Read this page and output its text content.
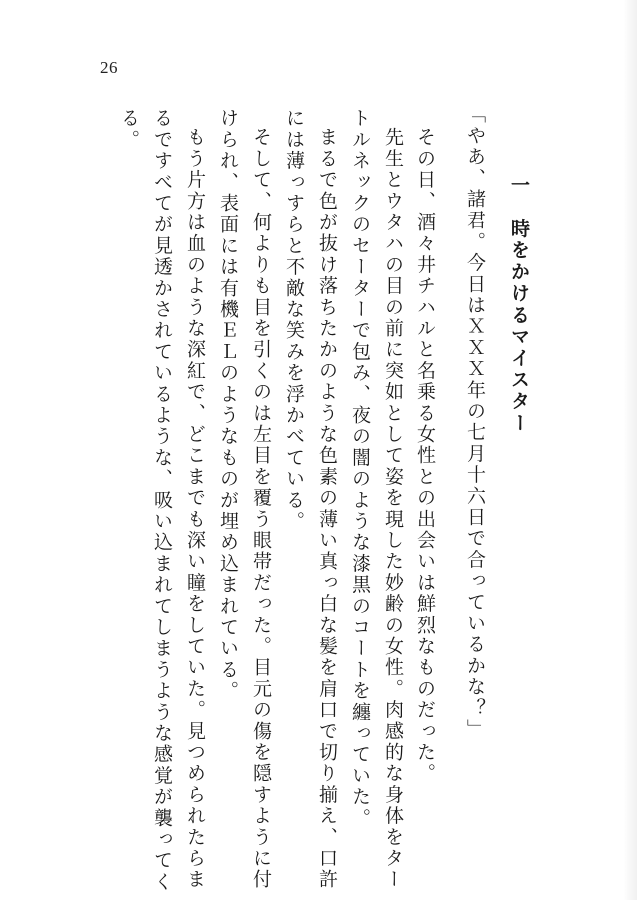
26
一　時をかけるマイスター
「やあ、諸君。今日はＸＸＸ年の七月十六日で合っているかな？」
その日、酒々井チハルと名乗る女性との出会いは鮮烈なものだった。
先生とウタハの目の前に突如として姿を現した妙齢の女性。肉感的な身体をター
トルネックのセーターで包み、夜の闇のような漆黒のコートを纏っていた。
まるで色が抜け落ちたかのような色素の薄い真っ白な髪を肩口で切り揃え、口許
には薄っすらと不敵な笑みを浮かべている。
そして、何よりも目を引くのは左目を覆う眼帯だった。目元の傷を隠すように付
けられ、表面には有機ＥＬのようなものが埋め込まれている。
もう片方は血のような深紅で、どこまでも深い瞳をしていた。見つめられたらま
るですべてが見透かされているような、吸い込まれてしまうような感覚が襲ってく
る。
